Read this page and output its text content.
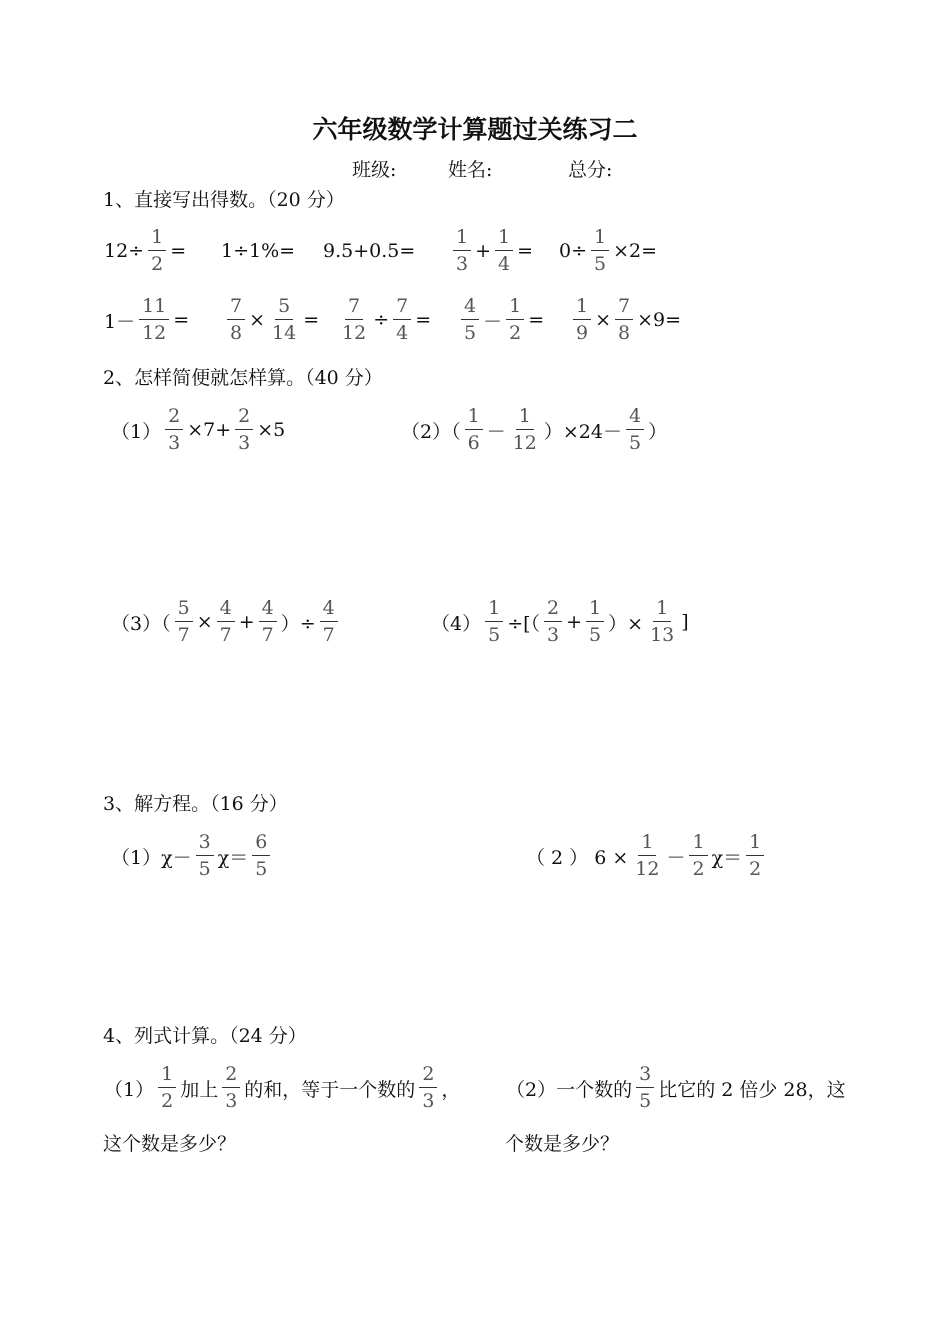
六年级数学计算题过关练习二
班级:	姓名:	总分:
1、直接写出得数。（20 分）
$12\div \frac{1}{2} = 1\div 1\%= 9.5+0.5= \frac{1}{3} + \frac{1}{4} = 0\div \frac{1}{5} \times 2=$
$1- \frac{11}{12} = \frac{7}{8} \times \frac{5}{14} = \frac{7}{12} \div \frac{7}{4} = \frac{4}{5} - \frac{1}{2} = \frac{1}{9} \times \frac{7}{8} \times 9=$
2、怎样简便就怎样算。（40 分）
$(1) \frac{2}{3} \times 7+ \frac{2}{3} \times 5$	$(2)( \frac{1}{6} - \frac{1}{12} )\times 24- \frac{4}{5}$ ）
$(3)( \frac{5}{7} \times \frac{4}{7} + \frac{4}{7}$ ）÷ $\frac{4}{7}$	$(4) \frac{1}{5}$ ÷[（ $\frac{2}{3} + \frac{1}{5}$ ）× $\frac{1}{13}$ ]
3、解方程。（16 分）
$(1)\chi- \frac{3}{5} \chi= \frac{6}{5}$	（ 2 ） $6 \times \frac{1}{12} - \frac{1}{2} \chi= \frac{1}{2}$
4、列式计算。（24 分）
$(1) \frac{1}{2}$ 加上 $\frac{2}{3}$ 的和，等于一个数的 $\frac{2}{3}$ ，
这个数是多少？
（2）一个数的 $\frac{3}{5}$ 比它的 2 倍少 28，这
个数是多少？
